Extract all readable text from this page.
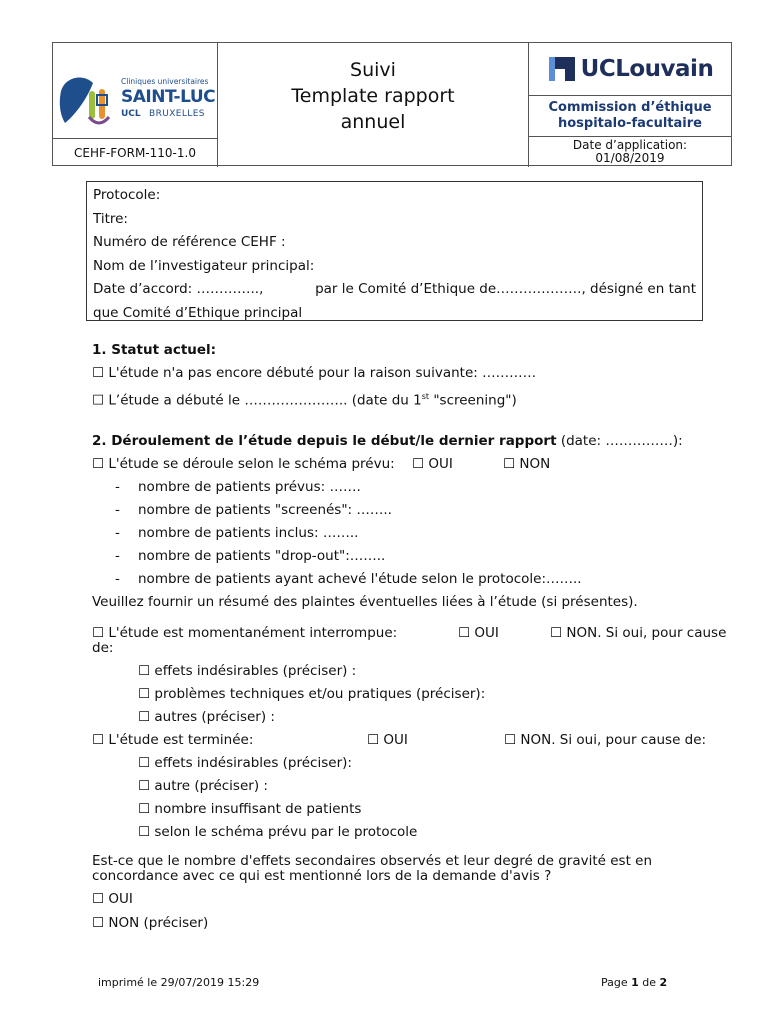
Cliniques universitaires
SAINT-LUC
UCL BRUXELLES
CEHF-FORM-110-1.0
Suivi
Template rapport
annuel
UCLouvain
Commission d’éthique
hospitalo-facultaire
Date d’application:
01/08/2019
Protocole:
Titre:
Numéro de référence CEHF :
Nom de l’investigateur principal:
Date d’accord: …………..,	par le Comité d’Ethique de………………., désigné en tant
que Comité d’Ethique principal
1. Statut actuel:
☐ L'étude n'a pas encore débuté pour la raison suivante: …………
☐ L’étude a débuté le ………………….. (date du 1st "screening")
2. Déroulement de l’étude depuis le début/le dernier rapport (date: ……………):
☐ L'étude se déroule selon le schéma prévu: ☐ OUI	☐ NON
- nombre de patients prévus: …….
- nombre de patients "screenés": ……..
- nombre de patients inclus: ……..
- nombre de patients "drop-out":……..
- nombre de patients ayant achevé l'étude selon le protocole:……..
Veuillez fournir un résumé des plaintes éventuelles liées à l’étude (si présentes).
☐ L'étude est momentanément interrompue:	☐ OUI	☐ NON. Si oui, pour cause
de:
☐ effets indésirables (préciser) :
☐ problèmes techniques et/ou pratiques (préciser):
☐ autres (préciser) :
☐ L'étude est terminée:	☐ OUI	☐ NON. Si oui, pour cause de:
☐ effets indésirables (préciser):
☐ autre (préciser) :
☐ nombre insuffisant de patients
☐ selon le schéma prévu par le protocole
Est-ce que le nombre d'effets secondaires observés et leur degré de gravité est en
concordance avec ce qui est mentionné lors de la demande d'avis ?
☐ OUI
☐ NON (préciser)
imprimé le 29/07/2019 15:29	Page 1 de 2
